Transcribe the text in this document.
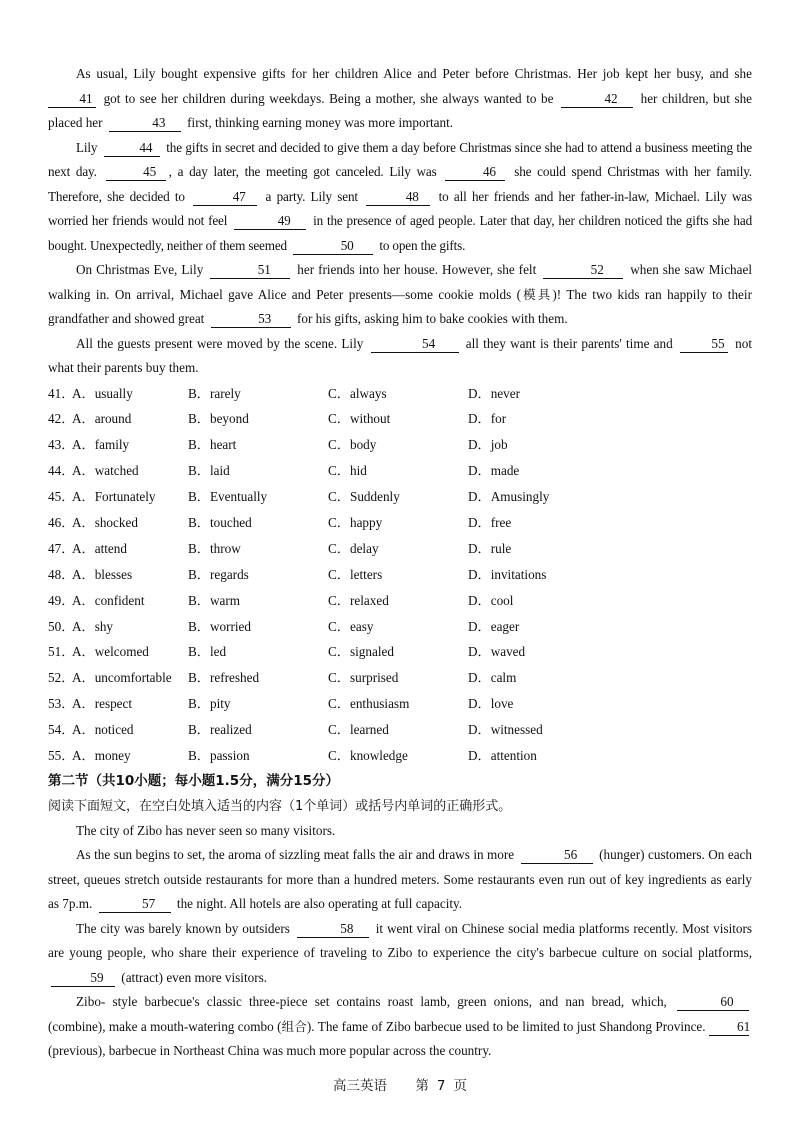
As usual, Lily bought expensive gifts for her children Alice and Peter before Christmas. Her job kept her busy, and she 41 got to see her children during weekdays. Being a mother, she always wanted to be	42 her children, but she placed her	43 first, thinking earning money was more important.

Lily	44 the gifts in secret and decided to give them a day before Christmas since she had to attend a business meeting the next day.	45 , a day later, the meeting got canceled. Lily was	46 she could spend Christmas with her family. Therefore, she decided to	47 a party. Lily sent	48 to all her friends and her father-in-law, Michael. Lily was worried her friends would not feel	49 in the presence of aged people. Later that day, her children noticed the gifts she had bought. Unexpectedly, neither of them seemed	50 to open the gifts.

On Christmas Eve, Lily	51 her friends into her house. However, she felt	52 when she saw Michael walking in. On arrival, Michael gave Alice and Peter presents—some cookie molds (模具)! The two kids ran happily to their grandfather and showed great	53 for his gifts, asking him to bake cookies with them.

All the guests present were moved by the scene. Lily	54 all they want is their parents' time and	55 not what their parents buy them.

41．
A．usually	B．rarely	C．always	D．never
42．
A．around	B．beyond	C．without	D．for
43．
A．family	B．heart	C．body	D．job
44．
A．watched	B．laid	C．hid	D．made
45．
A．Fortunately	B．Eventually	C．Suddenly	D．Amusingly
46．
A．shocked	B．touched	C．happy	D．free
47．
A．attend	B．throw	C．delay	D．rule
48．
A．blesses	B．regards	C．letters	D．invitations
49．
A．confident	B．warm	C．relaxed	D．cool
50．
A．shy	B．worried	C．easy	D．eager
51．
A．welcomed	B．led	C．signaled	D．waved
52．
A．uncomfortable	B．refreshed	C．surprised	D．calm
53．
A．respect	B．pity	C．enthusiasm	D．love
54．
A．noticed	B．realized	C．learned	D．witnessed
55．
A．money	B．passion	C．knowledge	D．attention
第二节（共10小题；每小题1.5分，满分15分）
阅读下面短文，在空白处填入适当的内容（1个单词）或括号内单词的正确形式。

The city of Zibo has never seen so many visitors.

As the sun begins to set, the aroma of sizzling meat falls the air and draws in more	56 (hunger) customers. On each street, queues stretch outside restaurants for more than a hundred meters. Some restaurants even run out of key ingredients as early as 7p.m.	57 the night. All hotels are also operating at full capacity.

The city was barely known by outsiders	58 it went viral on Chinese social media platforms recently. Most visitors are young people, who share their experience of traveling to Zibo to experience the city's barbecue culture on social platforms, 59 (attract) even more visitors.

Zibo- style barbecue's classic three-piece set contains roast lamb, green onions, and nan bread, which,	60 (combine), make a mouth-watering combo (组合). The fame of Zibo barbecue used to be limited to just Shandong Province. 61 (previous), barbecue in Northeast China was much more popular across the country.

高三英语 第 7 页
